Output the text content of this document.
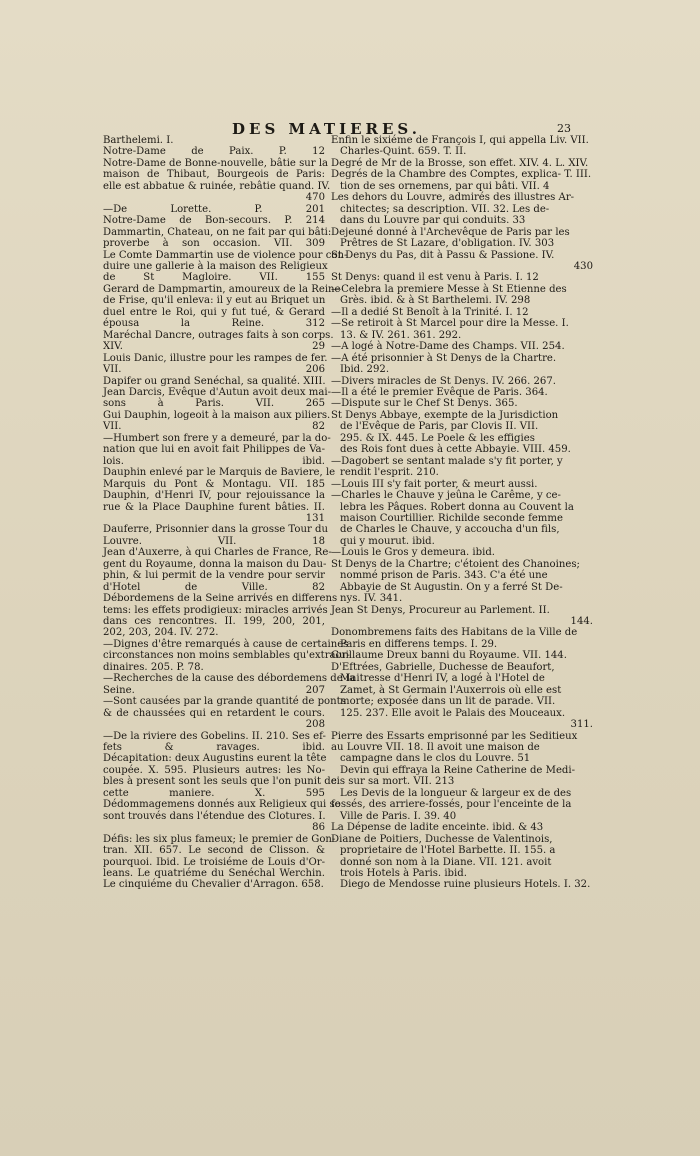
DES MATIERES.	23
Barthelemi. I.
Notre-Dame de Paix. P. 12
Notre-Dame de Bonne-nouvelle, bâtie sur la
maison de Thibaut, Bourgeois de Paris:
elle est abbatue & ruinée, rebâtie quand. IV.
470
—De Lorette. P. 201
Notre-Dame de Bon-secours. P. 214
Dammartin, Chateau, on ne fait par qui bâti:
proverbe à son occasion. VII. 309
Le Comte Dammartin use de violence pour con-
duire une gallerie à la maison des Religieux
de St Magloire. VII. 155
Gerard de Dampmartin, amoureux de la Reine
de Frise, qu'il enleva: il y eut au Briquet un
duel entre le Roi, qui y fut tué, & Gerard
épousa la Reine. 312
Maréchal Dancre, outrages faits à son corps.
XIV. 29
Louis Danic, illustre pour les rampes de fer.
VII. 206
Dapifer ou grand Senéchal, sa qualité. XIII.
Jean Darcis, Evêque d'Autun avoit deux mai-
sons à Paris. VII. 265
Gui Dauphin, logeoit à la maison aux piliers.
VII. 82
—Humbert son frere y a demeuré, par la do-
nation que lui en avoit fait Philippes de Va-
lois. ibid.
Dauphin enlevé par le Marquis de Baviere, le
Marquis du Pont & Montagu. VII. 185
Dauphin, d'Henri IV, pour rejouissance la
rue & la Place Dauphine furent bâties. II.
131
Dauferre, Prisonnier dans la grosse Tour du
Louvre. VII. 18
Jean d'Auxerre, à qui Charles de France, Re-
gent du Royaume, donna la maison du Dau-
phin, & lui permit de la vendre pour servir
d'Hotel de Ville. 82
Débordemens de la Seine arrivés en differens
tems: les effets prodigieux: miracles arrivés
dans ces rencontres. II. 199, 200, 201,
202, 203, 204. IV. 272.
—Dignes d'être remarqués à cause de certaines
circonstances non moins semblables qu'extraor-
dinaires. 205. P. 78.
—Recherches de la cause des débordemens de la
Seine. 207
—Sont causées par la grande quantité de ponts
& de chaussées qui en retardent le cours.
208
—De la riviere des Gobelins. II. 210. Ses ef-
fets & ravages. ibid.
Décapitation: deux Augustins eurent la tête
coupée. X. 595. Plusieurs autres: les No-
bles à present sont les seuls que l'on punit de
cette maniere. X. 595
Dédommagemens donnés aux Religieux qui se
sont trouvés dans l'étendue des Clotures. I.
86
Défis: les six plus fameux; le premier de Gon-
tran. XII. 657. Le second de Clisson. &
pourquoi. Ibid. Le troisiéme de Louis d'Or-
leans. Le quatriéme du Senéchal Werchin.
Le cinquiéme du Chevalier d'Arragon. 658.
Enfin le sixiéme de François I, qui appella Liv. VII.
Charles-Quint. 659. T. II.
Degré de Mr de la Brosse, son effet. XIV. 4. L. XIV.
Degrés de la Chambre des Comptes, explica- T. III.
tion de ses ornemens, par qui bâti. VII. 4
Les dehors du Louvre, admirés des illustres Ar-
chitectes; sa description. VII. 32. Les de-
dans du Louvre par qui conduits. 33
Dejeuné donné à l'Archevêque de Paris par les
Prêtres de St Lazare, d'obligation. IV. 303
St Denys du Pas, dit à Passu & Passione. IV.
430
St Denys: quand il est venu à Paris. I. 12
—Celebra la premiere Messe à St Etienne des
Grès. ibid. & à St Barthelemi. IV. 298
—Il a dedié St Benoît à la Trinité. I. 12
—Se retiroit à St Marcel pour dire la Messe. I.
13. & IV. 261. 361. 292.
—A logé à Notre-Dame des Champs. VII. 254.
—A été prisonnier à St Denys de la Chartre.
Ibid. 292.
—Divers miracles de St Denys. IV. 266. 267.
—Il a été le premier Evêque de Paris. 364.
—Dispute sur le Chef St Denys. 365.
St Denys Abbaye, exempte de la Jurisdiction
de l'Evêque de Paris, par Clovis II. VII.
295. & IX. 445. Le Poele & les effigies
des Rois font dues à cette Abbayie. VIII. 459.
—Dagobert se sentant malade s'y fit porter, y
rendit l'esprit. 210.
—Louis III s'y fait porter, & meurt aussi.
—Charles le Chauve y jeûna le Carême, y ce-
lebra les Pâques. Robert donna au Couvent la
maison Courtillier. Richilde seconde femme
de Charles le Chauve, y accoucha d'un fils,
qui y mourut. ibid.
—Louis le Gros y demeura. ibid.
St Denys de la Chartre; c'étoient des Chanoines;
nommé prison de Paris. 343. C'a été une
Abbayie de St Augustin. On y a ferré St De-
nys. IV. 341.
Jean St Denys, Procureur au Parlement. II.
144.
Donombremens faits des Habitans de la Ville de
Paris en differens temps. I. 29.
Guillaume Dreux banni du Royaume. VII. 144.
D'Eftrées, Gabrielle, Duchesse de Beaufort,
Maitresse d'Henri IV, a logé à l'Hotel de
Zamet, à St Germain l'Auxerrois où elle est
morte; exposée dans un lit de parade. VII.
125. 237. Elle avoit le Palais des Mouceaux.
311.
Pierre des Essarts emprisonné par les Seditieux
au Louvre VII. 18. Il avoit une maison de
campagne dans le clos du Louvre. 51
Devin qui effraya la Reine Catherine de Medi-
cis sur sa mort. VII. 213
Les Devis de la longueur & largeur ex de des
fossés, des arriere-fossés, pour l'enceinte de la
Ville de Paris. I. 39. 40
La Dépense de ladite enceinte. ibid. & 43
Diane de Poitiers, Duchesse de Valentinois,
proprietaire de l'Hotel Barbette. II. 155. a
donné son nom à la Diane. VII. 121. avoit
trois Hotels à Paris. ibid.
Diego de Mendosse ruine plusieurs Hotels. I. 32.
